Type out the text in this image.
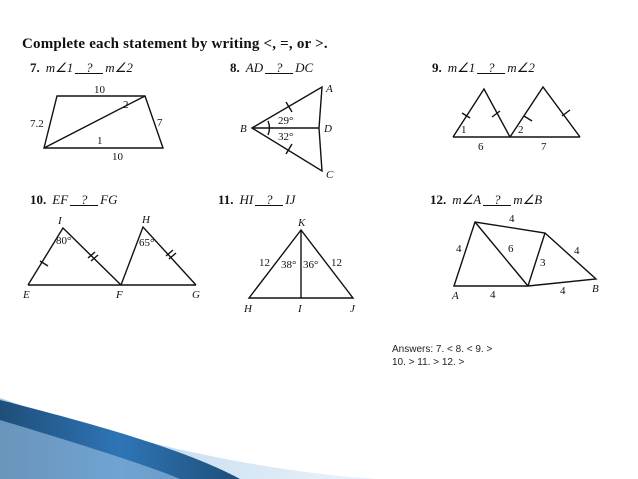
Complete each statement by writing <, =, or >.
7. m∠1 ? m∠2	8. AD ? DC	9. m∠1 ? m∠2
10. EF ? FG	11. HI ? IJ	12. m∠A ? m∠B
10
10
7.2	7
1
2
A
B
C
D
29°
32°
1	2
6	7
I	H
E	F	G
80°	65°
K
H	I	J
12	12
38° 36°
A
B
4
4	6
3
4
4	4
Answers: 7. < 8. < 9. >
10. > 11. > 12. >
